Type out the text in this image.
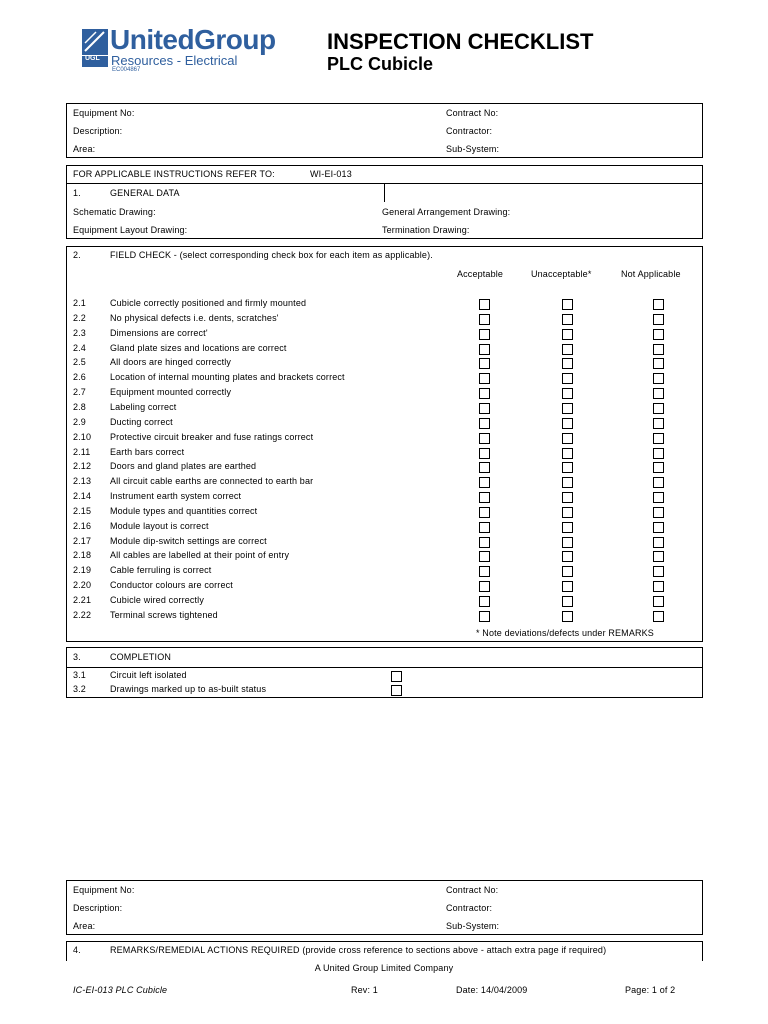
UGL
UnitedGroup
Resources - Electrical
EC004867
INSPECTION CHECKLIST
PLC Cubicle
Equipment No:
Description:
Area:
Contract No:
Contractor:
Sub-System:
FOR APPLICABLE INSTRUCTIONS REFER TO:	WI-EI-013
1.	GENERAL DATA
Schematic Drawing:	General Arrangement Drawing:
Equipment Layout Drawing:	Termination Drawing:
2.	FIELD CHECK - (select corresponding check box for each item as applicable).
Acceptable	Unacceptable*	Not Applicable
2.1	Cubicle correctly positioned and firmly mounted
2.2	No physical defects i.e. dents, scratches'
2.3	Dimensions are correct'
2.4	Gland plate sizes and locations are correct
2.5	All doors are hinged correctly
2.6	Location of internal mounting plates and brackets correct
2.7	Equipment mounted correctly
2.8	Labeling correct
2.9	Ducting correct
2.10 Protective circuit breaker and fuse ratings correct
2.11 Earth bars correct
2.12 Doors and gland plates are earthed
2.13 All circuit cable earths are connected to earth bar
2.14 Instrument earth system correct
2.15 Module types and quantities correct
2.16 Module layout is correct
2.17 Module dip-switch settings are correct
2.18 All cables are labelled at their point of entry
2.19 Cable ferruling is correct
2.20 Conductor colours are correct
2.21 Cubicle wired correctly
2.22 Terminal screws tightened
* Note deviations/defects under REMARKS
3.	COMPLETION
3.1	Circuit left isolated
3.2	Drawings marked up to as-built status
Equipment No:
Description:
Area:
Contract No:
Contractor:
Sub-System:
4.	REMARKS/REMEDIAL ACTIONS REQUIRED (provide cross reference to sections above - attach extra page if required)
A United Group Limited Company
IC-EI-013 PLC Cubicle	Rev: 1	Date: 14/04/2009	Page: 1 of 2
